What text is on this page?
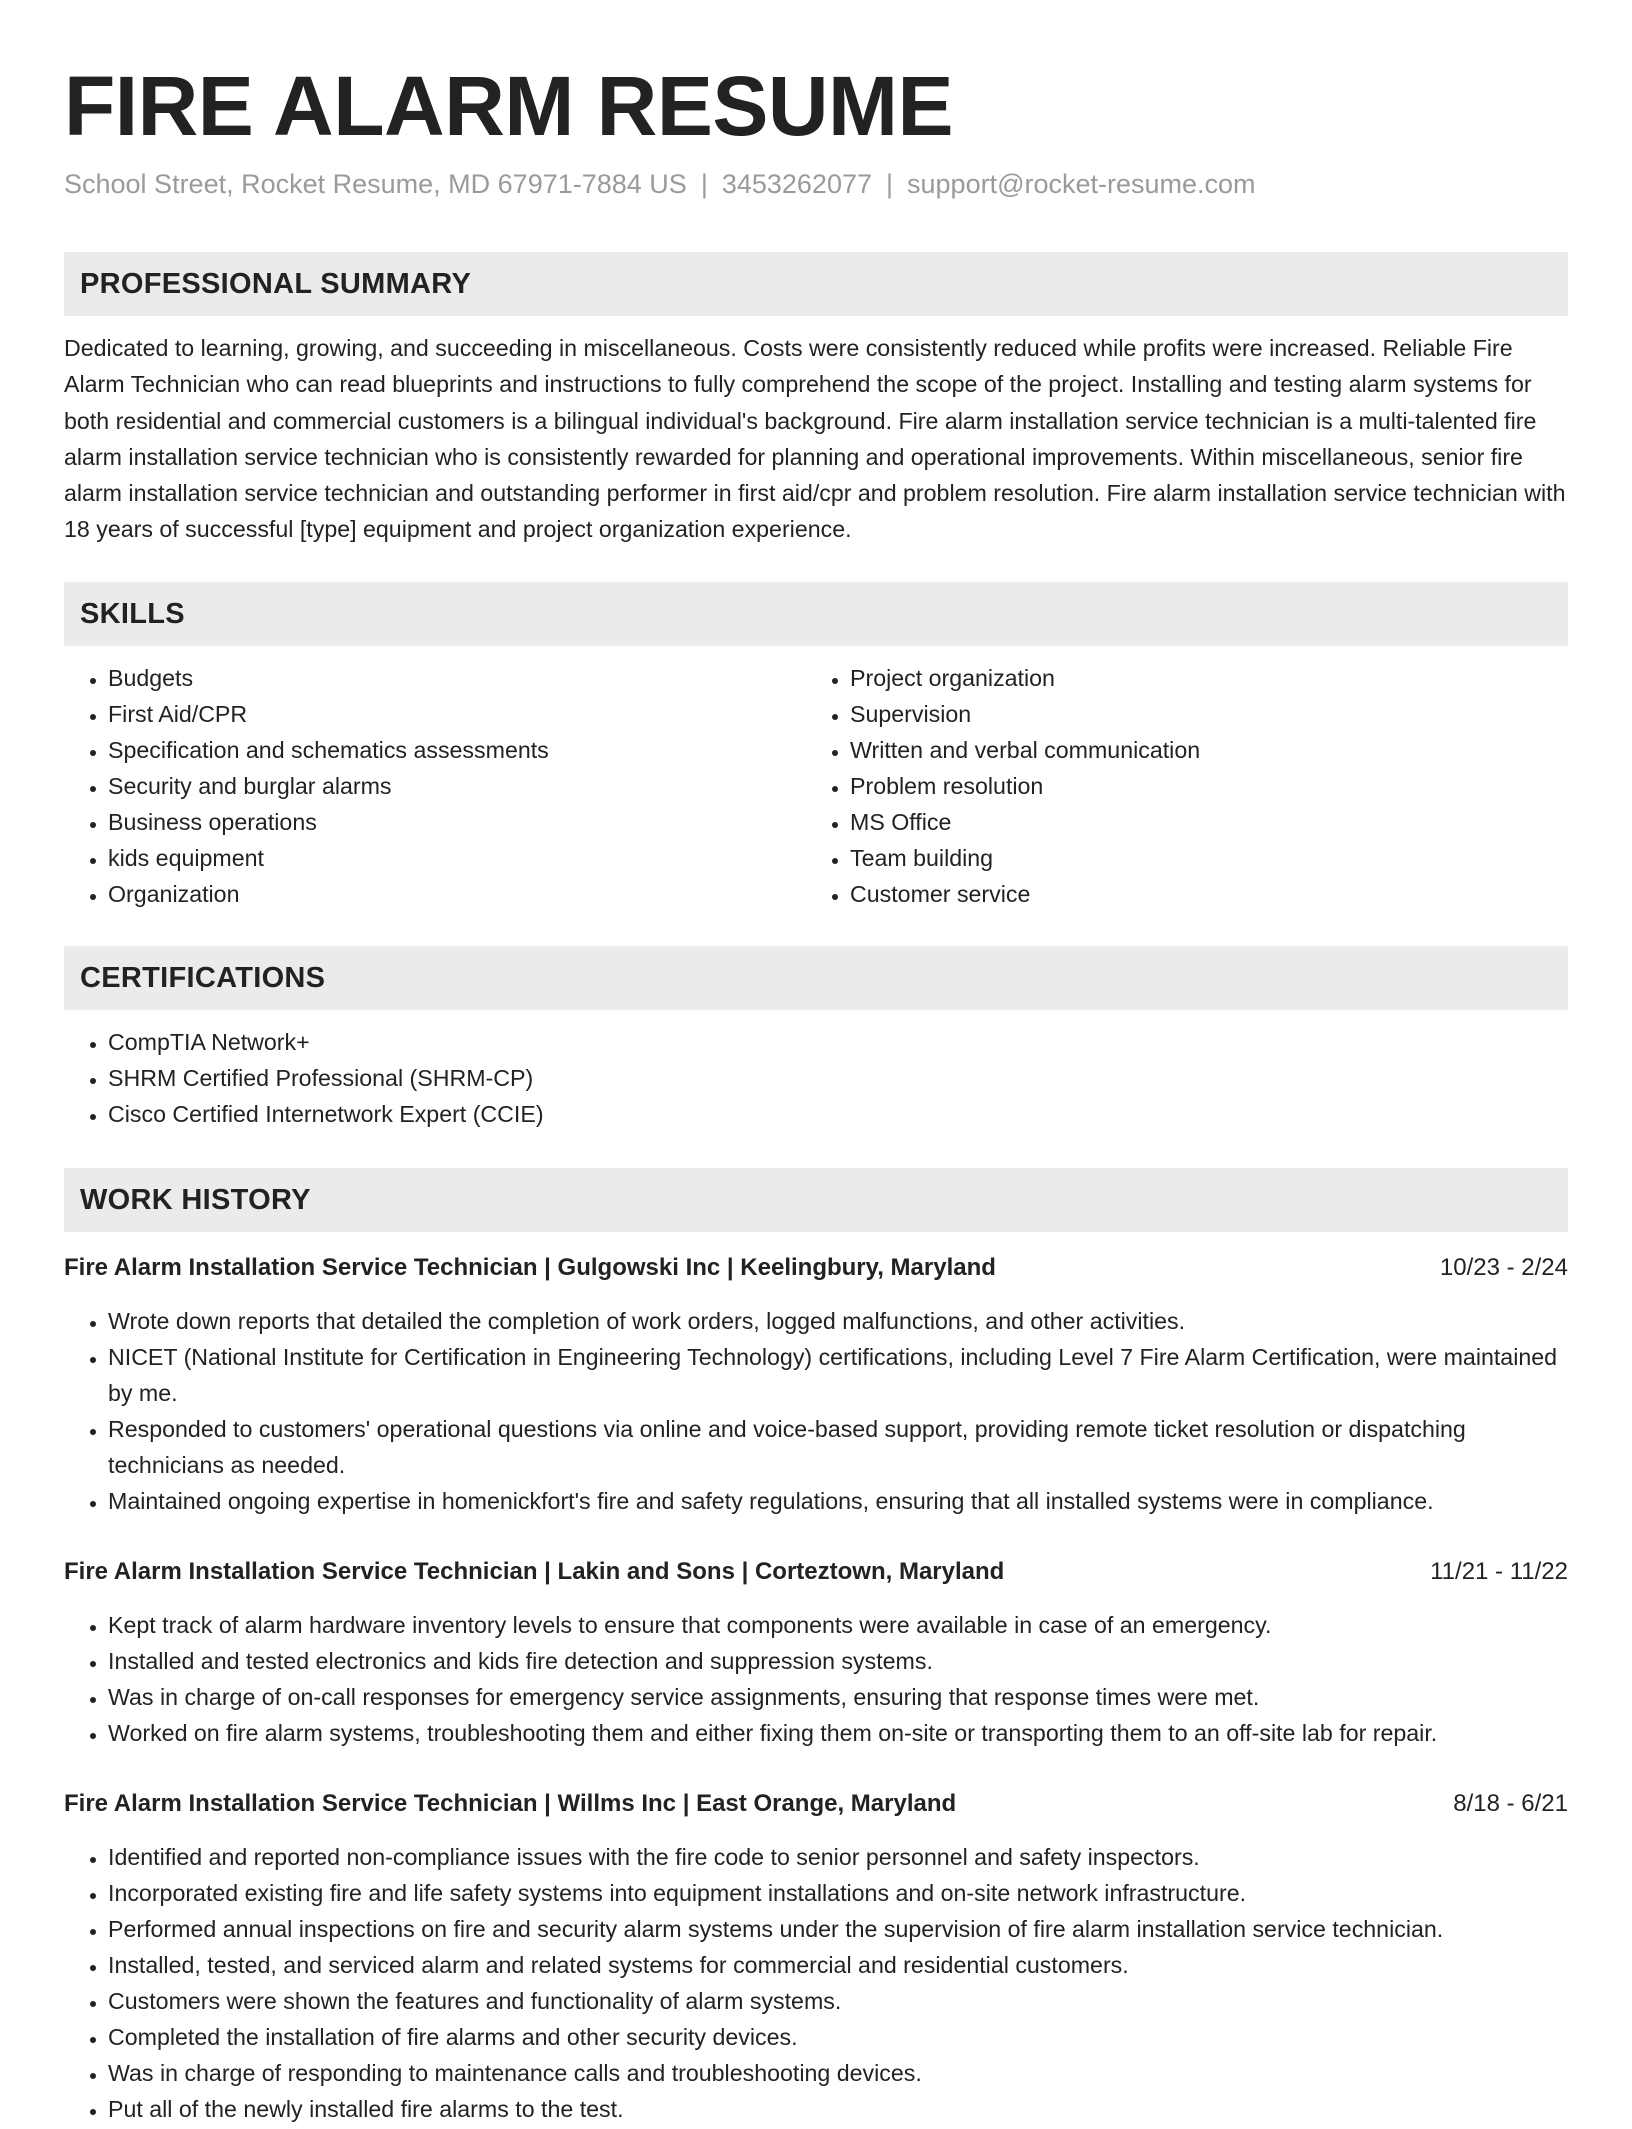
FIRE ALARM RESUME
School Street, Rocket Resume, MD 67971-7884 US | 3453262077 | support@rocket-resume.com
PROFESSIONAL SUMMARY

Dedicated to learning, growing, and succeeding in miscellaneous. Costs were consistently reduced while profits were increased. Reliable Fire Alarm Technician who can read blueprints and instructions to fully comprehend the scope of the project. Installing and testing alarm systems for both residential and commercial customers is a bilingual individual's background. Fire alarm installation service technician is a multi-talented fire alarm installation service technician who is consistently rewarded for planning and operational improvements. Within miscellaneous, senior fire alarm installation service technician and outstanding performer in first aid/cpr and problem resolution. Fire alarm installation service technician with 18 years of successful [type] equipment and project organization experience.

SKILLS
• Budgets
• First Aid/CPR
• Specification and schematics assessments
• Security and burglar alarms
• Business operations
• kids equipment
• Organization
• Project organization
• Supervision
• Written and verbal communication
• Problem resolution
• MS Office
• Team building
• Customer service
CERTIFICATIONS
• CompTIA Network+
• SHRM Certified Professional (SHRM-CP)
• Cisco Certified Internetwork Expert (CCIE)
WORK HISTORY
Fire Alarm Installation Service Technician | Gulgowski Inc | Keelingbury, Maryland	10/23 - 2/24
• Wrote down reports that detailed the completion of work orders, logged malfunctions, and other activities.
• NICET (National Institute for Certification in Engineering Technology) certifications, including Level 7 Fire Alarm Certification, were maintained by me.
• Responded to customers' operational questions via online and voice-based support, providing remote ticket resolution or dispatching technicians as needed.
• Maintained ongoing expertise in homenickfort's fire and safety regulations, ensuring that all installed systems were in compliance.
Fire Alarm Installation Service Technician | Lakin and Sons | Corteztown, Maryland	11/21 - 11/22
• Kept track of alarm hardware inventory levels to ensure that components were available in case of an emergency.
• Installed and tested electronics and kids fire detection and suppression systems.
• Was in charge of on-call responses for emergency service assignments, ensuring that response times were met.
• Worked on fire alarm systems, troubleshooting them and either fixing them on-site or transporting them to an off-site lab for repair.
Fire Alarm Installation Service Technician | Willms Inc | East Orange, Maryland	8/18 - 6/21
• Identified and reported non-compliance issues with the fire code to senior personnel and safety inspectors.
• Incorporated existing fire and life safety systems into equipment installations and on-site network infrastructure.
• Performed annual inspections on fire and security alarm systems under the supervision of fire alarm installation service technician.
• Installed, tested, and serviced alarm and related systems for commercial and residential customers.
• Customers were shown the features and functionality of alarm systems.
• Completed the installation of fire alarms and other security devices.
• Was in charge of responding to maintenance calls and troubleshooting devices.
• Put all of the newly installed fire alarms to the test.
